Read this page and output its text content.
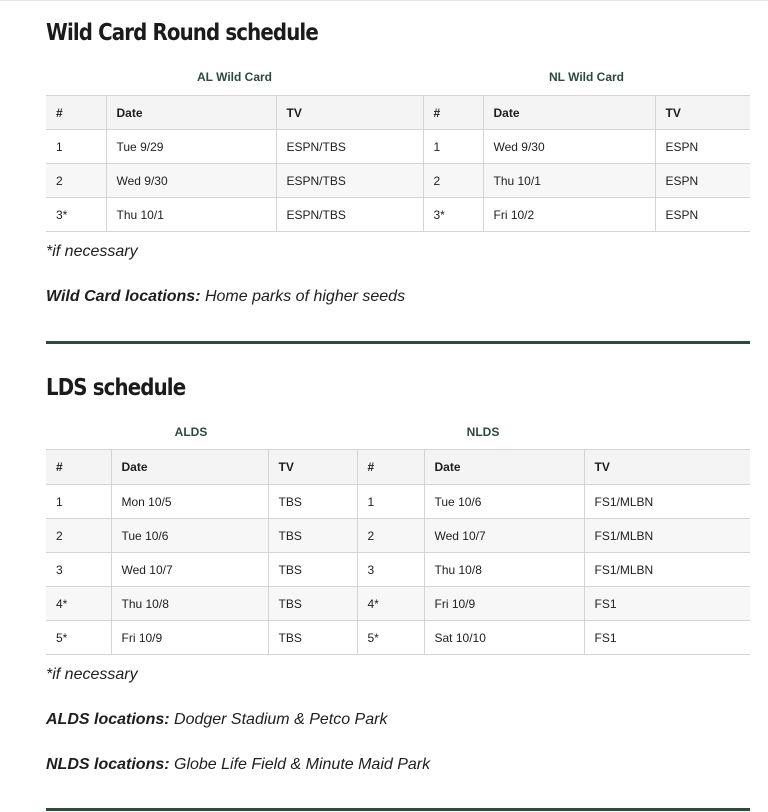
Wild Card Round schedule
AL Wild Card	NL Wild Card
#	Date	TV	#	Date	TV
1	Tue 9/29	ESPN/TBS	1	Wed 9/30	ESPN
2	Wed 9/30	ESPN/TBS	2	Thu 10/1	ESPN
3*	Thu 10/1	ESPN/TBS	3*	Fri 10/2	ESPN
*if necessary
Wild Card locations: Home parks of higher seeds
LDS schedule
ALDS	NLDS
#	Date	TV	#	Date	TV
1	Mon 10/5	TBS	1	Tue 10/6	FS1/MLBN
2	Tue 10/6	TBS	2	Wed 10/7	FS1/MLBN
3	Wed 10/7	TBS	3	Thu 10/8	FS1/MLBN
4*	Thu 10/8	TBS	4*	Fri 10/9	FS1
5*	Fri 10/9	TBS	5*	Sat 10/10	FS1
*if necessary
ALDS locations: Dodger Stadium & Petco Park
NLDS locations: Globe Life Field & Minute Maid Park
